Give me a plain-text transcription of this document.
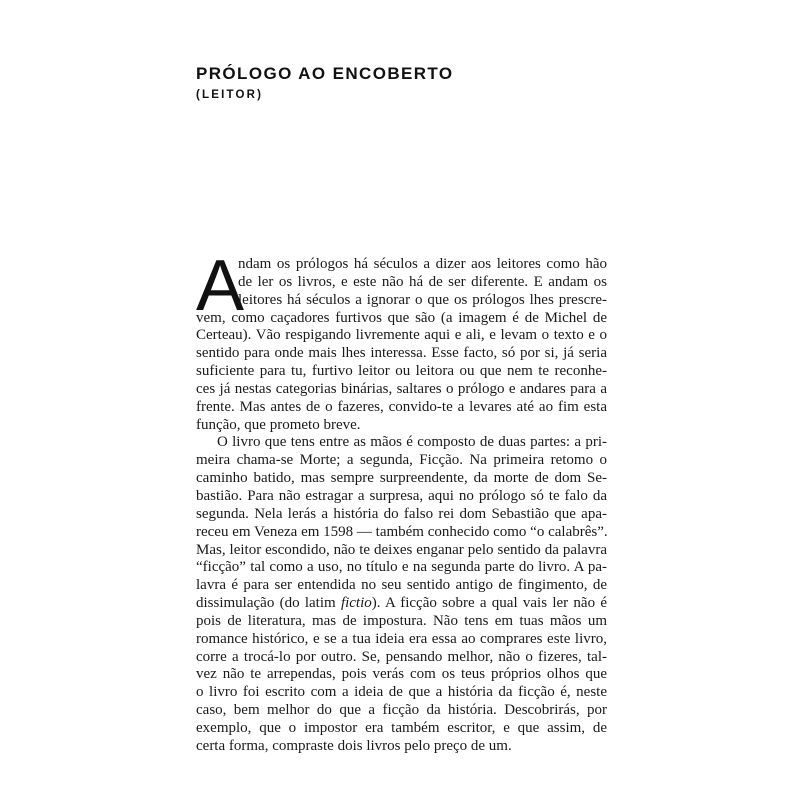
PRÓLOGO AO ENCOBERTO
(LEITOR)
A
ndam os prólogos há séculos a dizer aos leitores como hão
de ler os livros, e este não há de ser diferente. E andam os
leitores há séculos a ignorar o que os prólogos lhes prescre-
vem, como caçadores furtivos que são (a imagem é de Michel de
Certeau). Vão respigando livremente aqui e ali, e levam o texto e o
sentido para onde mais lhes interessa. Esse facto, só por si, já seria
suficiente para tu, furtivo leitor ou leitora ou que nem te reconhe-
ces já nestas categorias binárias, saltares o prólogo e andares para a
frente. Mas antes de o fazeres, convido-te a levares até ao fim esta
função, que prometo breve.
O livro que tens entre as mãos é composto de duas partes: a pri-
meira chama-se Morte; a segunda, Ficção. Na primeira retomo o
caminho batido, mas sempre surpreendente, da morte de dom Se-
bastião. Para não estragar a surpresa, aqui no prólogo só te falo da
segunda. Nela lerás a história do falso rei dom Sebastião que apa-
receu em Veneza em 1598 — também conhecido como “o calabrês”.
Mas, leitor escondido, não te deixes enganar pelo sentido da palavra
“ficção” tal como a uso, no título e na segunda parte do livro. A pa-
lavra é para ser entendida no seu sentido antigo de fingimento, de
dissimulação (do latim fictio). A ficção sobre a qual vais ler não é
pois de literatura, mas de impostura. Não tens em tuas mãos um
romance histórico, e se a tua ideia era essa ao comprares este livro,
corre a trocá-lo por outro. Se, pensando melhor, não o fizeres, tal-
vez não te arrependas, pois verás com os teus próprios olhos que
o livro foi escrito com a ideia de que a história da ficção é, neste
caso, bem melhor do que a ficção da história. Descobrirás, por
exemplo, que o impostor era também escritor, e que assim, de
certa forma, compraste dois livros pelo preço de um.
